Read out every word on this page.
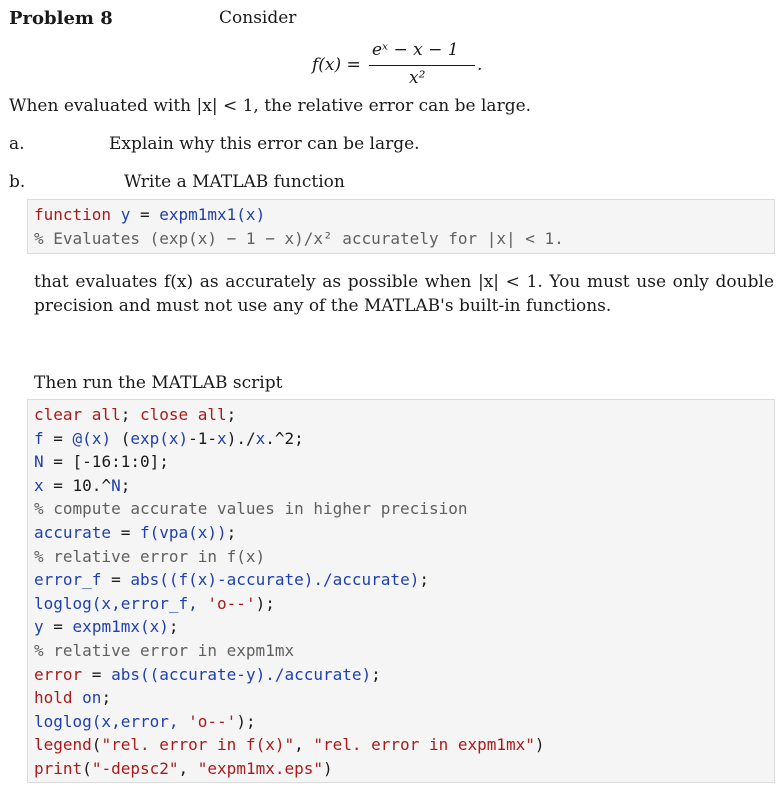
Problem 8	Consider
f(x) =
eˣ − x − 1
x²
.
When evaluated with |x| < 1, the relative error can be large.
a.	Explain why this error can be large.
b.	Write a MATLAB function
function y = expm1mx1(x)
% Evaluates (exp(x) − 1 − x)/x² accurately for |x| < 1.
that evaluates f(x) as accurately as possible when |x| < 1. You must use only double precision and must not use any of the MATLAB's built-in functions.
Then run the MATLAB script
clear all; close all;
f = @(x) (exp(x)-1-x)./x.^2;
N = [-16:1:0];
x = 10.^N;
% compute accurate values in higher precision
accurate = f(vpa(x));
% relative error in f(x)
error_f = abs((f(x)-accurate)./accurate);
loglog(x,error_f, 'o--');
y = expm1mx(x);
% relative error in expm1mx
error = abs((accurate-y)./accurate);
hold on;
loglog(x,error, 'o--');
legend("rel. error in f(x)", "rel. error in expm1mx")
print("-depsc2", "expm1mx.eps")
